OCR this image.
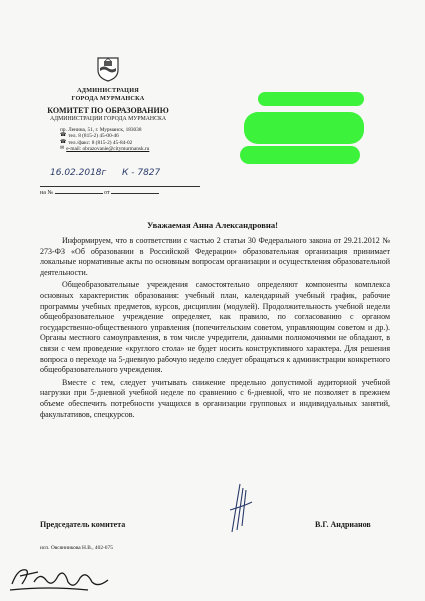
АДМИНИСТРАЦИЯ
ГОРОДА МУРМАНСКА
КОМИТЕТ ПО ОБРАЗОВАНИЮ
АДМИНИСТРАЦИИ ГОРОДА МУРМАНСКА
пр. Ленина, 51, г. Мурманск, 183038
☎ тел. 8 (815-2) 45-00-46
☎ тел./факс: 8 (815-2) 45-84-02
✉ e-mail: obrazovanie@citymurmansk.ru
16.02.2018г К - 7827
на №	от
Уважаемая Анна Александровна!

Информируем, что в соответствии с частью 2 статьи 30 Федерального закона от 29.21.2012 № 273-ФЗ «Об образовании в Российской Федерации» образовательная организация принимает локальные нормативные акты по основным вопросам организации и осуществления образовательной деятельности.

Общеобразовательные учреждения самостоятельно определяют компоненты комплекса основных характеристик образования: учебный план, календарный учебный график, рабочие программы учебных предметов, курсов, дисциплин (модулей). Продолжительность учебной недели общеобразовательное учреждение определяет, как правило, по согласованию с органом государственно-общественного управления (попечительским советом, управляющим советом и др.). Органы местного самоуправления, в том числе учредители, данными полномочиями не обладают, в связи с чем проведение «круглого стола» не будет носить конструктивного характера. Для решения вопроса о переходе на 5-дневную рабочую неделю следует обращаться к администрации конкретного общеобразовательного учреждения.

Вместе с тем, следует учитывать снижение предельно допустимой аудиторной учебной нагрузки при 5-дневной учебной неделе по сравнению с 6-дневной, что не позволяет в прежнем объеме обеспечить потребности учащихся в организации групповых и индивидуальных занятий, факультативов, спецкурсов.

Председатель комитета	В.Г. Андрианов
исп. Овсянникова Н.В., 402-675
